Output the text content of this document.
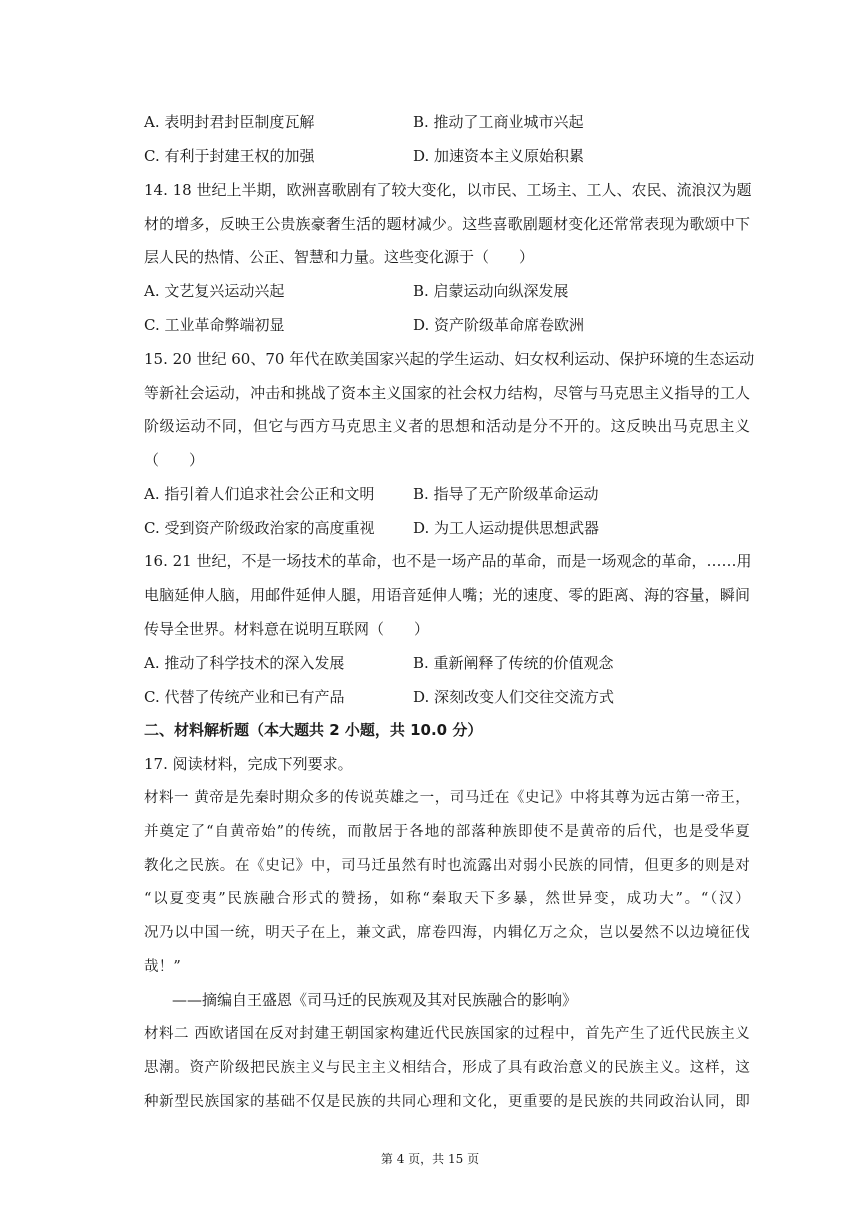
A. 表明封君封臣制度瓦解	B. 推动了工商业城市兴起
C. 有利于封建王权的加强	D. 加速资本主义原始积累
14. 18 世纪上半期，欧洲喜歌剧有了较大变化，以市民、工场主、工人、农民、流浪汉为题
材的增多，反映王公贵族豪奢生活的题材减少。这些喜歌剧题材变化还常常表现为歌颂中下
层人民的热情、公正、智慧和力量。这些变化源于（　　）
A. 文艺复兴运动兴起	B. 启蒙运动向纵深发展
C. 工业革命弊端初显	D. 资产阶级革命席卷欧洲
15. 20 世纪 60、70 年代在欧美国家兴起的学生运动、妇女权利运动、保护环境的生态运动
等新社会运动，冲击和挑战了资本主义国家的社会权力结构，尽管与马克思主义指导的工人
阶级运动不同，但它与西方马克思主义者的思想和活动是分不开的。这反映出马克思主义
（　　）
A. 指引着人们追求社会公正和文明	B. 指导了无产阶级革命运动
C. 受到资产阶级政治家的高度重视	D. 为工人运动提供思想武器
16. 21 世纪，不是一场技术的革命，也不是一场产品的革命，而是一场观念的革命，……用
电脑延伸人脑，用邮件延伸人腿，用语音延伸人嘴；光的速度、零的距离、海的容量，瞬间
传导全世界。材料意在说明互联网（　　）
A. 推动了科学技术的深入发展	B. 重新阐释了传统的价值观念
C. 代替了传统产业和已有产品	D. 深刻改变人们交往交流方式
二、材料解析题（本大题共 2 小题，共 10.0 分）
17. 阅读材料，完成下列要求。
材料一 黄帝是先秦时期众多的传说英雄之一，司马迁在《史记》中将其尊为远古第一帝王，
并奠定了“自黄帝始”的传统，而散居于各地的部落种族即使不是黄帝的后代，也是受华夏
教化之民族。在《史记》中，司马迁虽然有时也流露出对弱小民族的同情，但更多的则是对
“以夏变夷”民族融合形式的赞扬，如称“秦取天下多暴，然世异变，成功大”。“（汉）
况乃以中国一统，明天子在上，兼文武，席卷四海，内辑亿万之众，岂以晏然不以边境征伐
哉！”
——摘编自王盛恩《司马迁的民族观及其对民族融合的影响》
材料二 西欧诸国在反对封建王朝国家构建近代民族国家的过程中，首先产生了近代民族主义
思潮。资产阶级把民族主义与民主主义相结合，形成了具有政治意义的民族主义。这样，这
种新型民族国家的基础不仅是民族的共同心理和文化，更重要的是民族的共同政治认同，即
第 4 页，共 15 页
